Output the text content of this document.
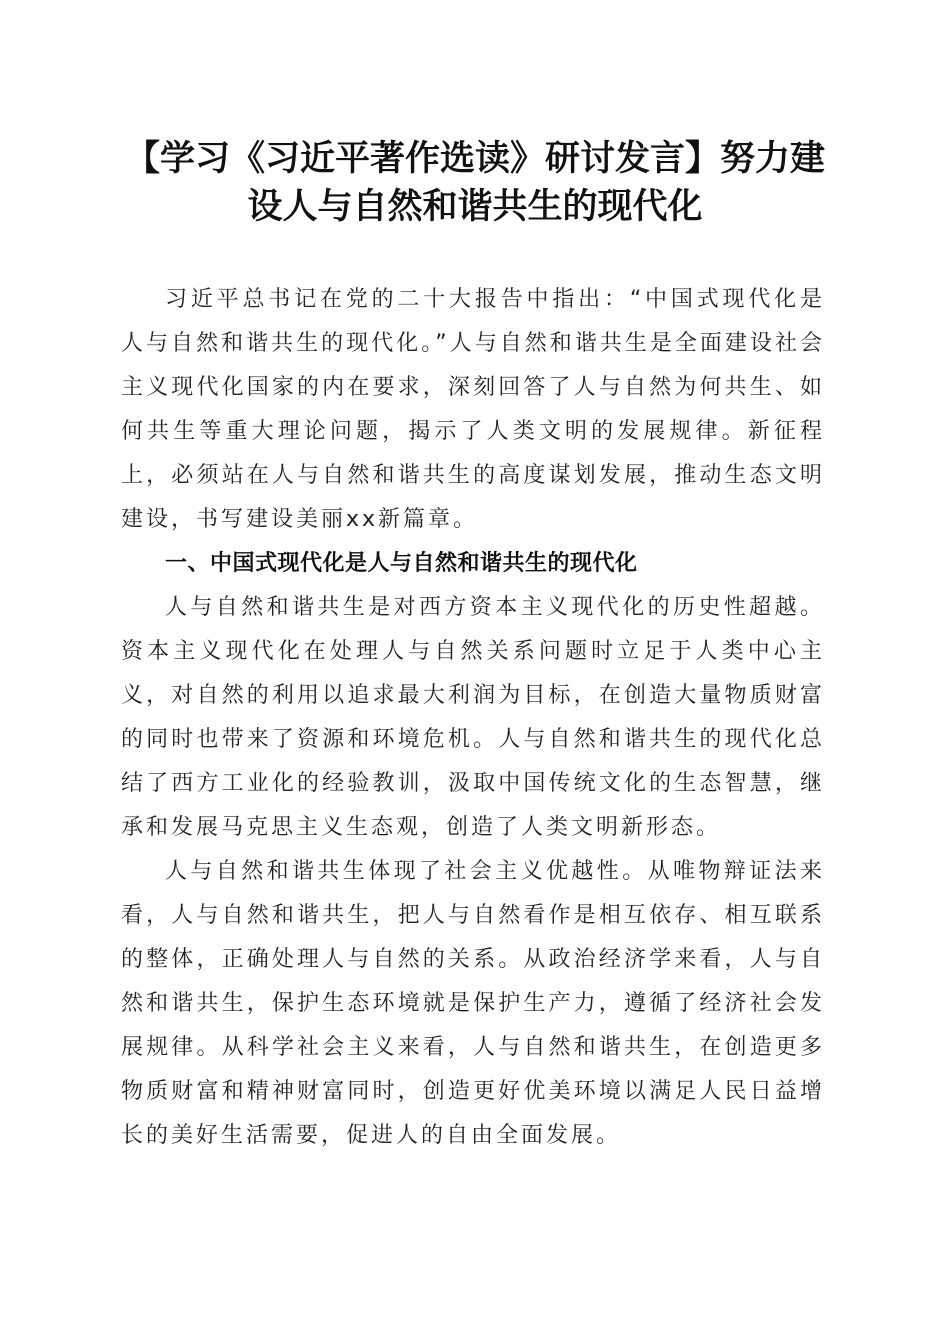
【学习《习近平著作选读》研讨发言】努力建设人与自然和谐共生的现代化

习近平总书记在党的二十大报告中指出：“中国式现代化是人与自然和谐共生的现代化。”人与自然和谐共生是全面建设社会主义现代化国家的内在要求，深刻回答了人与自然为何共生、如何共生等重大理论问题，揭示了人类文明的发展规律。新征程上，必须站在人与自然和谐共生的高度谋划发展，推动生态文明建设，书写建设美丽xx新篇章。

一、中国式现代化是人与自然和谐共生的现代化

人与自然和谐共生是对西方资本主义现代化的历史性超越。资本主义现代化在处理人与自然关系问题时立足于人类中心主义，对自然的利用以追求最大利润为目标，在创造大量物质财富的同时也带来了资源和环境危机。人与自然和谐共生的现代化总结了西方工业化的经验教训，汲取中国传统文化的生态智慧，继承和发展马克思主义生态观，创造了人类文明新形态。

人与自然和谐共生体现了社会主义优越性。从唯物辩证法来看，人与自然和谐共生，把人与自然看作是相互依存、相互联系的整体，正确处理人与自然的关系。从政治经济学来看，人与自然和谐共生，保护生态环境就是保护生产力，遵循了经济社会发展规律。从科学社会主义来看，人与自然和谐共生，在创造更多物质财富和精神财富同时，创造更好优美环境以满足人民日益增长的美好生活需要，促进人的自由全面发展。
